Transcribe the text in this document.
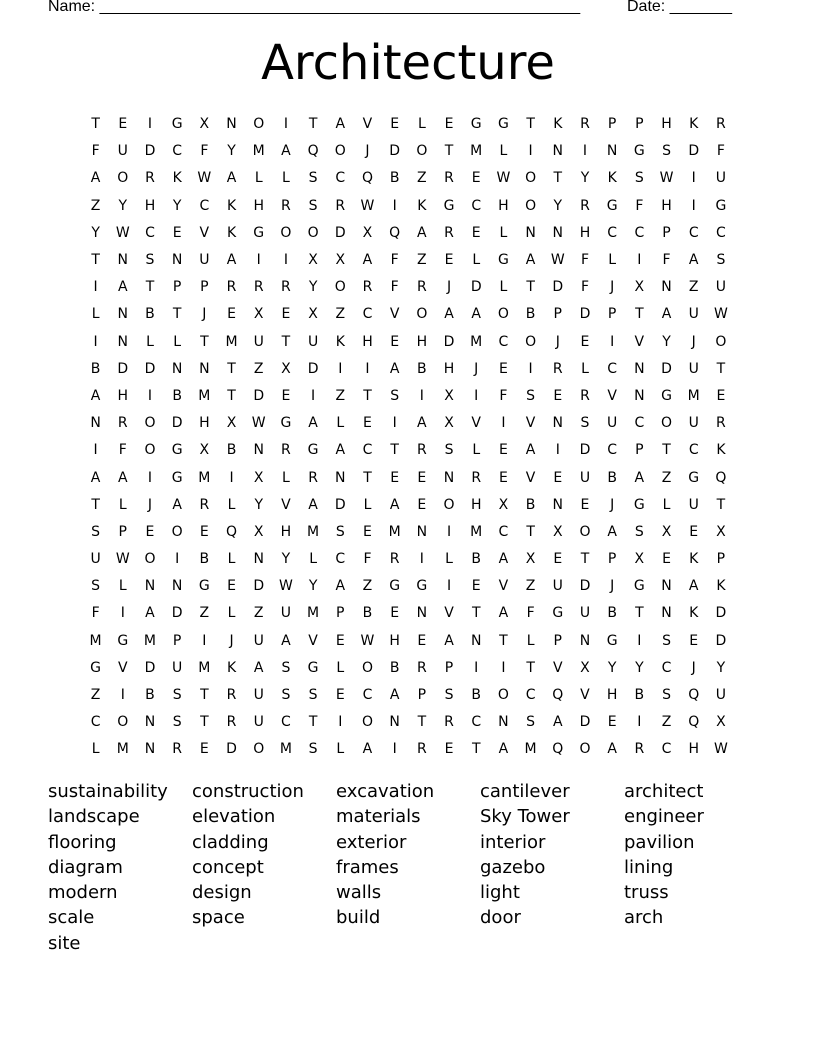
Name: ______________________________________________________	Date: _______
Architecture
T	E	I	G	X	N	O	I	T	A	V	E	L	E	G	G	T	K	R	P	P	H	K	R
F	U	D	C	F	Y	M	A	Q	O	J	D	O	T	M	L	I	N	I	N	G	S	D	F
A	O	R	K	W	A	L	L	S	C	Q	B	Z	R	E	W	O	T	Y	K	S	W	I	U
Z	Y	H	Y	C	K	H	R	S	R	W	I	K	G	C	H	O	Y	R	G	F	H	I	G
Y	W	C	E	V	K	G	O	O	D	X	Q	A	R	E	L	N	N	H	C	C	P	C	C
T	N	S	N	U	A	I	I	X	X	A	F	Z	E	L	G	A	W	F	L	I	F	A	S
I	A	T	P	P	R	R	R	Y	O	R	F	R	J	D	L	T	D	F	J	X	N	Z	U
L	N	B	T	J	E	X	E	X	Z	C	V	O	A	A	O	B	P	D	P	T	A	U	W
I	N	L	L	T	M	U	T	U	K	H	E	H	D	M	C	O	J	E	I	V	Y	J	O
B	D	D	N	N	T	Z	X	D	I	I	A	B	H	J	E	I	R	L	C	N	D	U	T
A	H	I	B	M	T	D	E	I	Z	T	S	I	X	I	F	S	E	R	V	N	G	M	E
N	R	O	D	H	X	W	G	A	L	E	I	A	X	V	I	V	N	S	U	C	O	U	R
I	F	O	G	X	B	N	R	G	A	C	T	R	S	L	E	A	I	D	C	P	T	C	K
A	A	I	G	M	I	X	L	R	N	T	E	E	N	R	E	V	E	U	B	A	Z	G	Q
T	L	J	A	R	L	Y	V	A	D	L	A	E	O	H	X	B	N	E	J	G	L	U	T
S	P	E	O	E	Q	X	H	M	S	E	M	N	I	M	C	T	X	O	A	S	X	E	X
U	W	O	I	B	L	N	Y	L	C	F	R	I	L	B	A	X	E	T	P	X	E	K	P
S	L	N	N	G	E	D	W	Y	A	Z	G	G	I	E	V	Z	U	D	J	G	N	A	K
F	I	A	D	Z	L	Z	U	M	P	B	E	N	V	T	A	F	G	U	B	T	N	K	D
M	G	M	P	I	J	U	A	V	E	W	H	E	A	N	T	L	P	N	G	I	S	E	D
G	V	D	U	M	K	A	S	G	L	O	B	R	P	I	I	T	V	X	Y	Y	C	J	Y
Z	I	B	S	T	R	U	S	S	E	C	A	P	S	B	O	C	Q	V	H	B	S	Q	U
C	O	N	S	T	R	U	C	T	I	O	N	T	R	C	N	S	A	D	E	I	Z	Q	X
L	M	N	R	E	D	O	M	S	L	A	I	R	E	T	A	M	Q	O	A	R	C	H	W
sustainability	construction	excavation	cantilever	architect
landscape	elevation	materials	Sky Tower	engineer
flooring	cladding	exterior	interior	pavilion
diagram	concept	frames	gazebo	lining
modern	design	walls	light	truss
scale	space	build	door	arch
site
